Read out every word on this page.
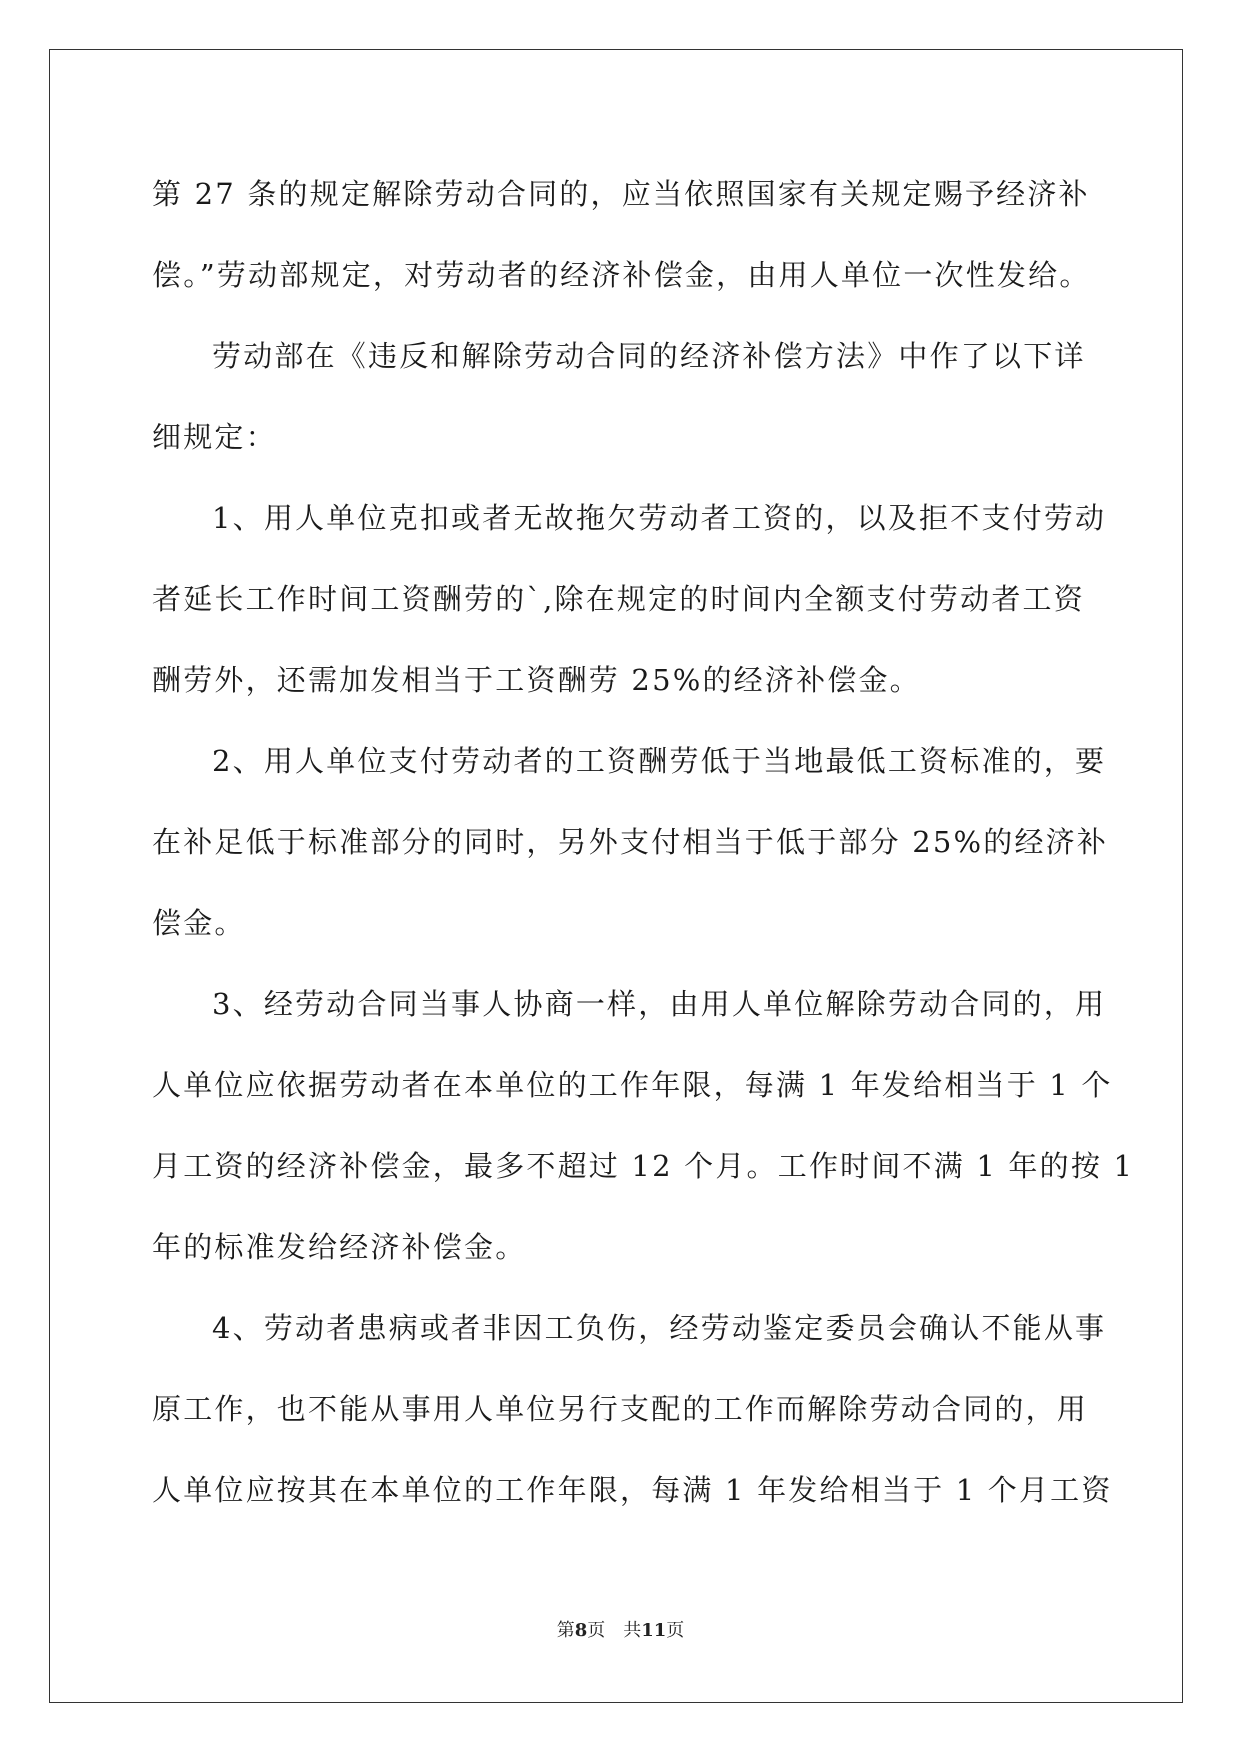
第 27 条的规定解除劳动合同的，应当依照国家有关规定赐予经济补
偿。”劳动部规定，对劳动者的经济补偿金，由用人单位一次性发给。
劳动部在《违反和解除劳动合同的经济补偿方法》中作了以下详
细规定：
1、用人单位克扣或者无故拖欠劳动者工资的，以及拒不支付劳动
者延长工作时间工资酬劳的`,除在规定的时间内全额支付劳动者工资
酬劳外，还需加发相当于工资酬劳 25%的经济补偿金。
2、用人单位支付劳动者的工资酬劳低于当地最低工资标准的，要
在补足低于标准部分的同时，另外支付相当于低于部分 25%的经济补
偿金。
3、经劳动合同当事人协商一样，由用人单位解除劳动合同的，用
人单位应依据劳动者在本单位的工作年限，每满 1 年发给相当于 1 个
月工资的经济补偿金，最多不超过 12 个月。工作时间不满 1 年的按 1
年的标准发给经济补偿金。
4、劳动者患病或者非因工负伤，经劳动鉴定委员会确认不能从事
原工作，也不能从事用人单位另行支配的工作而解除劳动合同的，用
人单位应按其在本单位的工作年限，每满 1 年发给相当于 1 个月工资
第8页 共11页
